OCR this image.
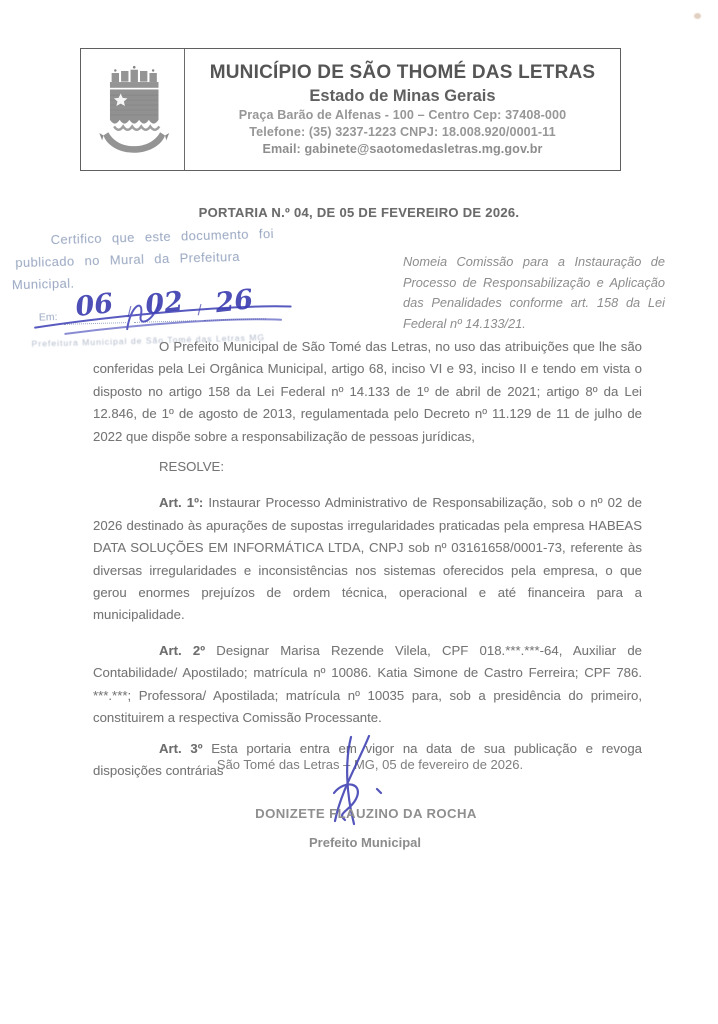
MUNICÍPIO DE SÃO THOMÉ DAS LETRAS
Estado de Minas Gerais
Praça Barão de Alfenas - 100 – Centro Cep: 37408-000
Telefone: (35) 3237-1223 CNPJ: 18.008.920/0001-11
Email: gabinete@saotomedasletras.mg.gov.br
PORTARIA N.º 04, DE 05 DE FEVEREIRO DE 2026.
Certifico que este documento foi
publicado no Mural da Prefeitura
Municipal.
Em: 06 / 02 / 26
Prefeitura Municipal de São Tomé das Letras MG
Nomeia Comissão para a Instauração de Processo de Responsabilização e Aplicação das Penalidades conforme art. 158 da Lei Federal nº 14.133/21.

O Prefeito Municipal de São Tomé das Letras, no uso das atribuições que lhe são conferidas pela Lei Orgânica Municipal, artigo 68, inciso VI e 93, inciso II e tendo em vista o disposto no artigo 158 da Lei Federal nº 14.133 de 1º de abril de 2021; artigo 8º da Lei 12.846, de 1º de agosto de 2013, regulamentada pelo Decreto nº 11.129 de 11 de julho de 2022 que dispõe sobre a responsabilização de pessoas jurídicas,

RESOLVE:

Art. 1º: Instaurar Processo Administrativo de Responsabilização, sob o nº 02 de 2026 destinado às apurações de supostas irregularidades praticadas pela empresa HABEAS DATA SOLUÇÕES EM INFORMÁTICA LTDA, CNPJ sob nº 03161658/0001-73, referente às diversas irregularidades e inconsistências nos sistemas oferecidos pela empresa, o que gerou enormes prejuízos de ordem técnica, operacional e até financeira para a municipalidade.

Art. 2º Designar Marisa Rezende Vilela, CPF 018.***.***-64, Auxiliar de Contabilidade/ Apostilado; matrícula nº 10086. Katia Simone de Castro Ferreira; CPF 786. ***.***; Professora/ Apostilada; matrícula nº 10035 para, sob a presidência do primeiro, constituirem a respectiva Comissão Processante.

Art. 3º Esta portaria entra em vigor na data de sua publicação e revoga disposições contrárias

São Tomé das Letras – MG, 05 de fevereiro de 2026.
DONIZETE FLAUZINO DA ROCHA
Prefeito Municipal
